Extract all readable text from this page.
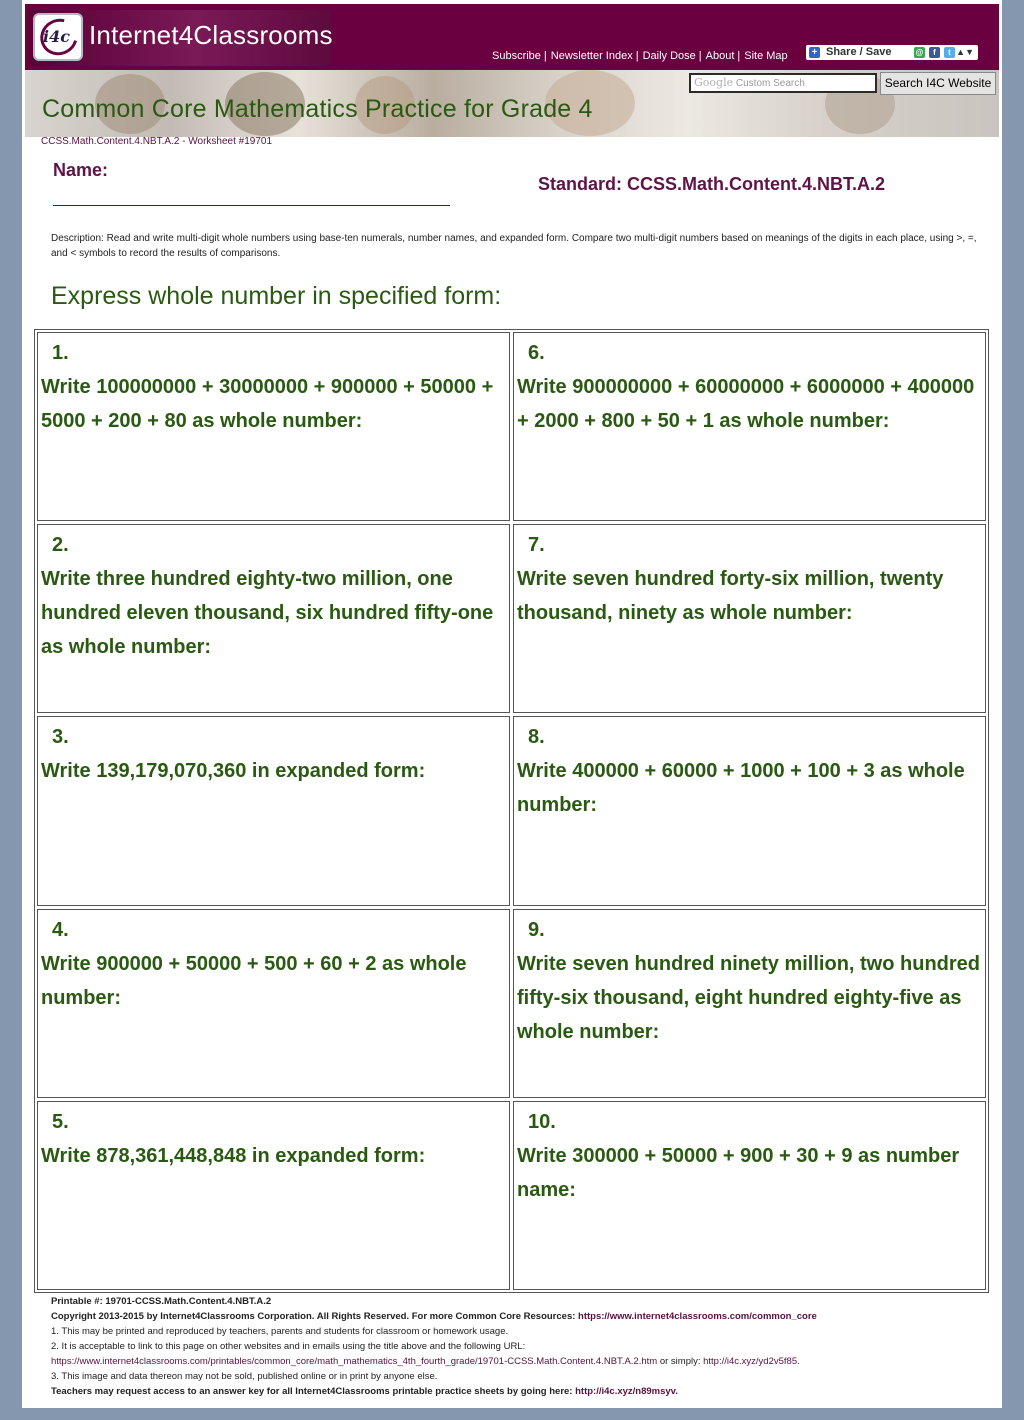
i4c Internet4Classrooms
Subscribe | Newsletter Index | Daily Dose | About | Site Map + Share / Save	@	f	t ▲▼
Google Custom Search	Search I4C Website
Common Core Mathematics Practice for Grade 4
CCSS.Math.Content.4.NBT.A.2 - Worksheet #19701
Name:
Standard: CCSS.Math.Content.4.NBT.A.2
Description: Read and write multi-digit whole numbers using base-ten numerals, number names, and expanded form. Compare two multi-digit numbers based on meanings of the digits in each place, using >, =, and < symbols to record the results of comparisons.
Express whole number in specified form:
1.
Write 100000000 + 30000000 + 900000 + 50000 + 5000 + 200 + 80 as whole number:
6.
Write 900000000 + 60000000 + 6000000 + 400000 + 2000 + 800 + 50 + 1 as whole number:
2.
Write three hundred eighty-two million, one hundred eleven thousand, six hundred fifty-one as whole number:
7.
Write seven hundred forty-six million, twenty thousand, ninety as whole number:
3.
Write 139,179,070,360 in expanded form:
8.
Write 400000 + 60000 + 1000 + 100 + 3 as whole number:
4.
Write 900000 + 50000 + 500 + 60 + 2 as whole number:
9.
Write seven hundred ninety million, two hundred fifty-six thousand, eight hundred eighty-five as whole number:
5.
Write 878,361,448,848 in expanded form:
10.
Write 300000 + 50000 + 900 + 30 + 9 as number name:
Printable #: 19701-CCSS.Math.Content.4.NBT.A.2
Copyright 2013-2015 by Internet4Classrooms Corporation. All Rights Reserved. For more Common Core Resources: https://www.internet4classrooms.com/common_core
1. This may be printed and reproduced by teachers, parents and students for classroom or homework usage.
2. It is acceptable to link to this page on other websites and in emails using the title above and the following URL:
https://www.internet4classrooms.com/printables/common_core/math_mathematics_4th_fourth_grade/19701-CCSS.Math.Content.4.NBT.A.2.htm or simply: http://i4c.xyz/yd2v5f85.
3. This image and data thereon may not be sold, published online or in print by anyone else.
Teachers may request access to an answer key for all Internet4Classrooms printable practice sheets by going here: http://i4c.xyz/n89msyv.
